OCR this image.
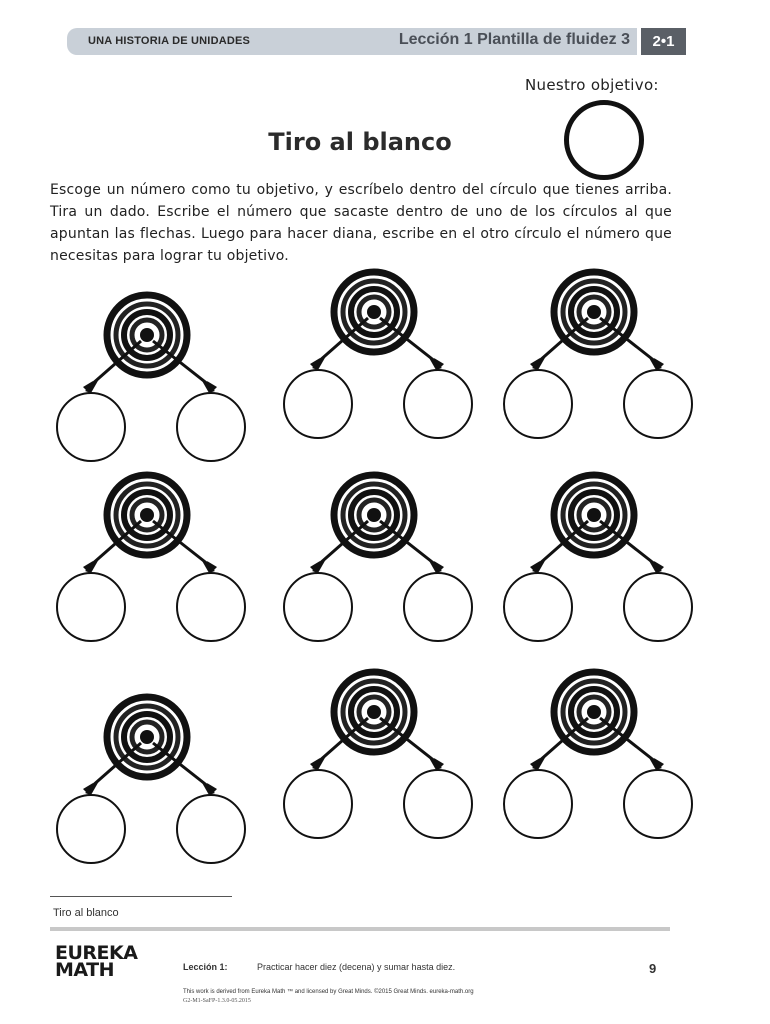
UNA HISTORIA DE UNIDADES	Lección 1 Plantilla de fluidez 3	2•1
Nuestro objetivo:
Tiro al blanco
Escoge un número como tu objetivo, y escríbelo dentro del círculo que tienes arriba. Tira un dado. Escribe el número que sacaste dentro de uno de los círculos al que apuntan las flechas. Luego para hacer diana, escribe en el otro círculo el número que necesitas para lograr tu objetivo.
Tiro al blanco
EUREKA
MATH	Lección 1:	Practicar hacer diez (decena) y sumar hasta diez.	9
This work is derived from Eureka Math ™ and licensed by Great Minds. ©2015 Great Minds. eureka-math.org
G2-M1-SaFP-1.3.0-05.2015
